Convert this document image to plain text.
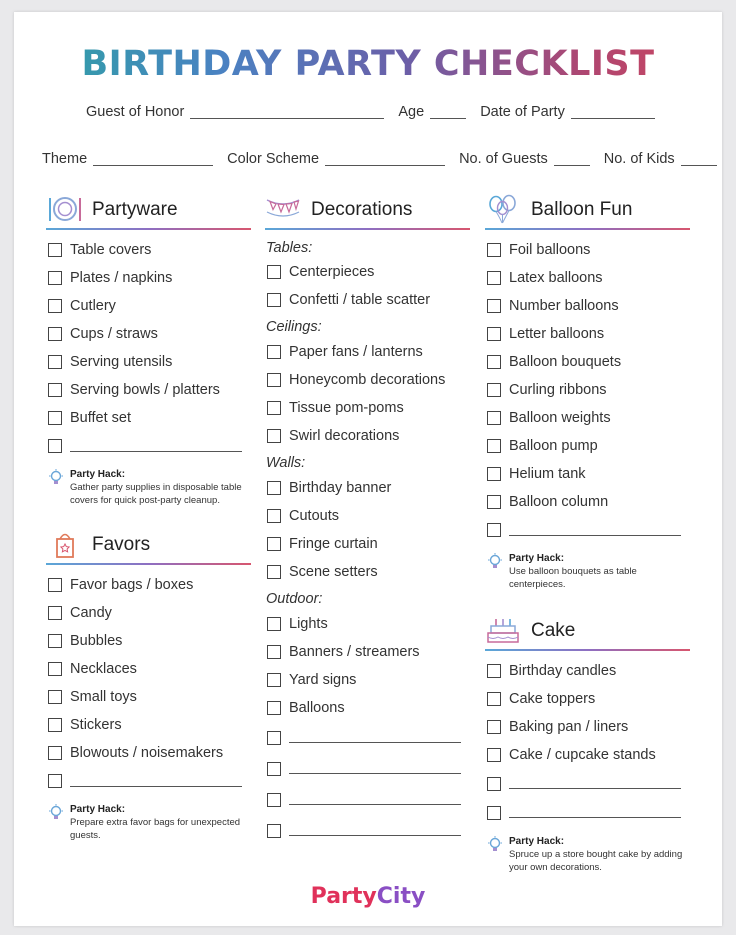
BIRTHDAY PARTY CHECKLIST
Guest of Honor	Age	Date of Party
Theme	Color Scheme	No. of Guests	No. of Kids
Partyware
Table covers
Plates / napkins
Cutlery
Cups / straws
Serving utensils
Serving bowls / platters
Buffet set
Party Hack:
Gather party supplies in disposable table covers for quick post-party cleanup.
Favors
Favor bags / boxes
Candy
Bubbles
Necklaces
Small toys
Stickers
Blowouts / noisemakers
Party Hack:
Prepare extra favor bags for unexpected guests.
Decorations
Tables:
Centerpieces
Confetti / table scatter
Ceilings:
Paper fans / lanterns
Honeycomb decorations
Tissue pom-poms
Swirl decorations
Walls:
Birthday banner
Cutouts
Fringe curtain
Scene setters
Outdoor:
Lights
Banners / streamers
Yard signs
Balloons
Balloon Fun
Foil balloons
Latex balloons
Number balloons
Letter balloons
Balloon bouquets
Curling ribbons
Balloon weights
Balloon pump
Helium tank
Balloon column
Party Hack:
Use balloon bouquets as table centerpieces.
Cake
Birthday candles
Cake toppers
Baking pan / liners
Cake / cupcake stands
Party Hack:
Spruce up a store bought cake by adding your own decorations.
PartyCity
